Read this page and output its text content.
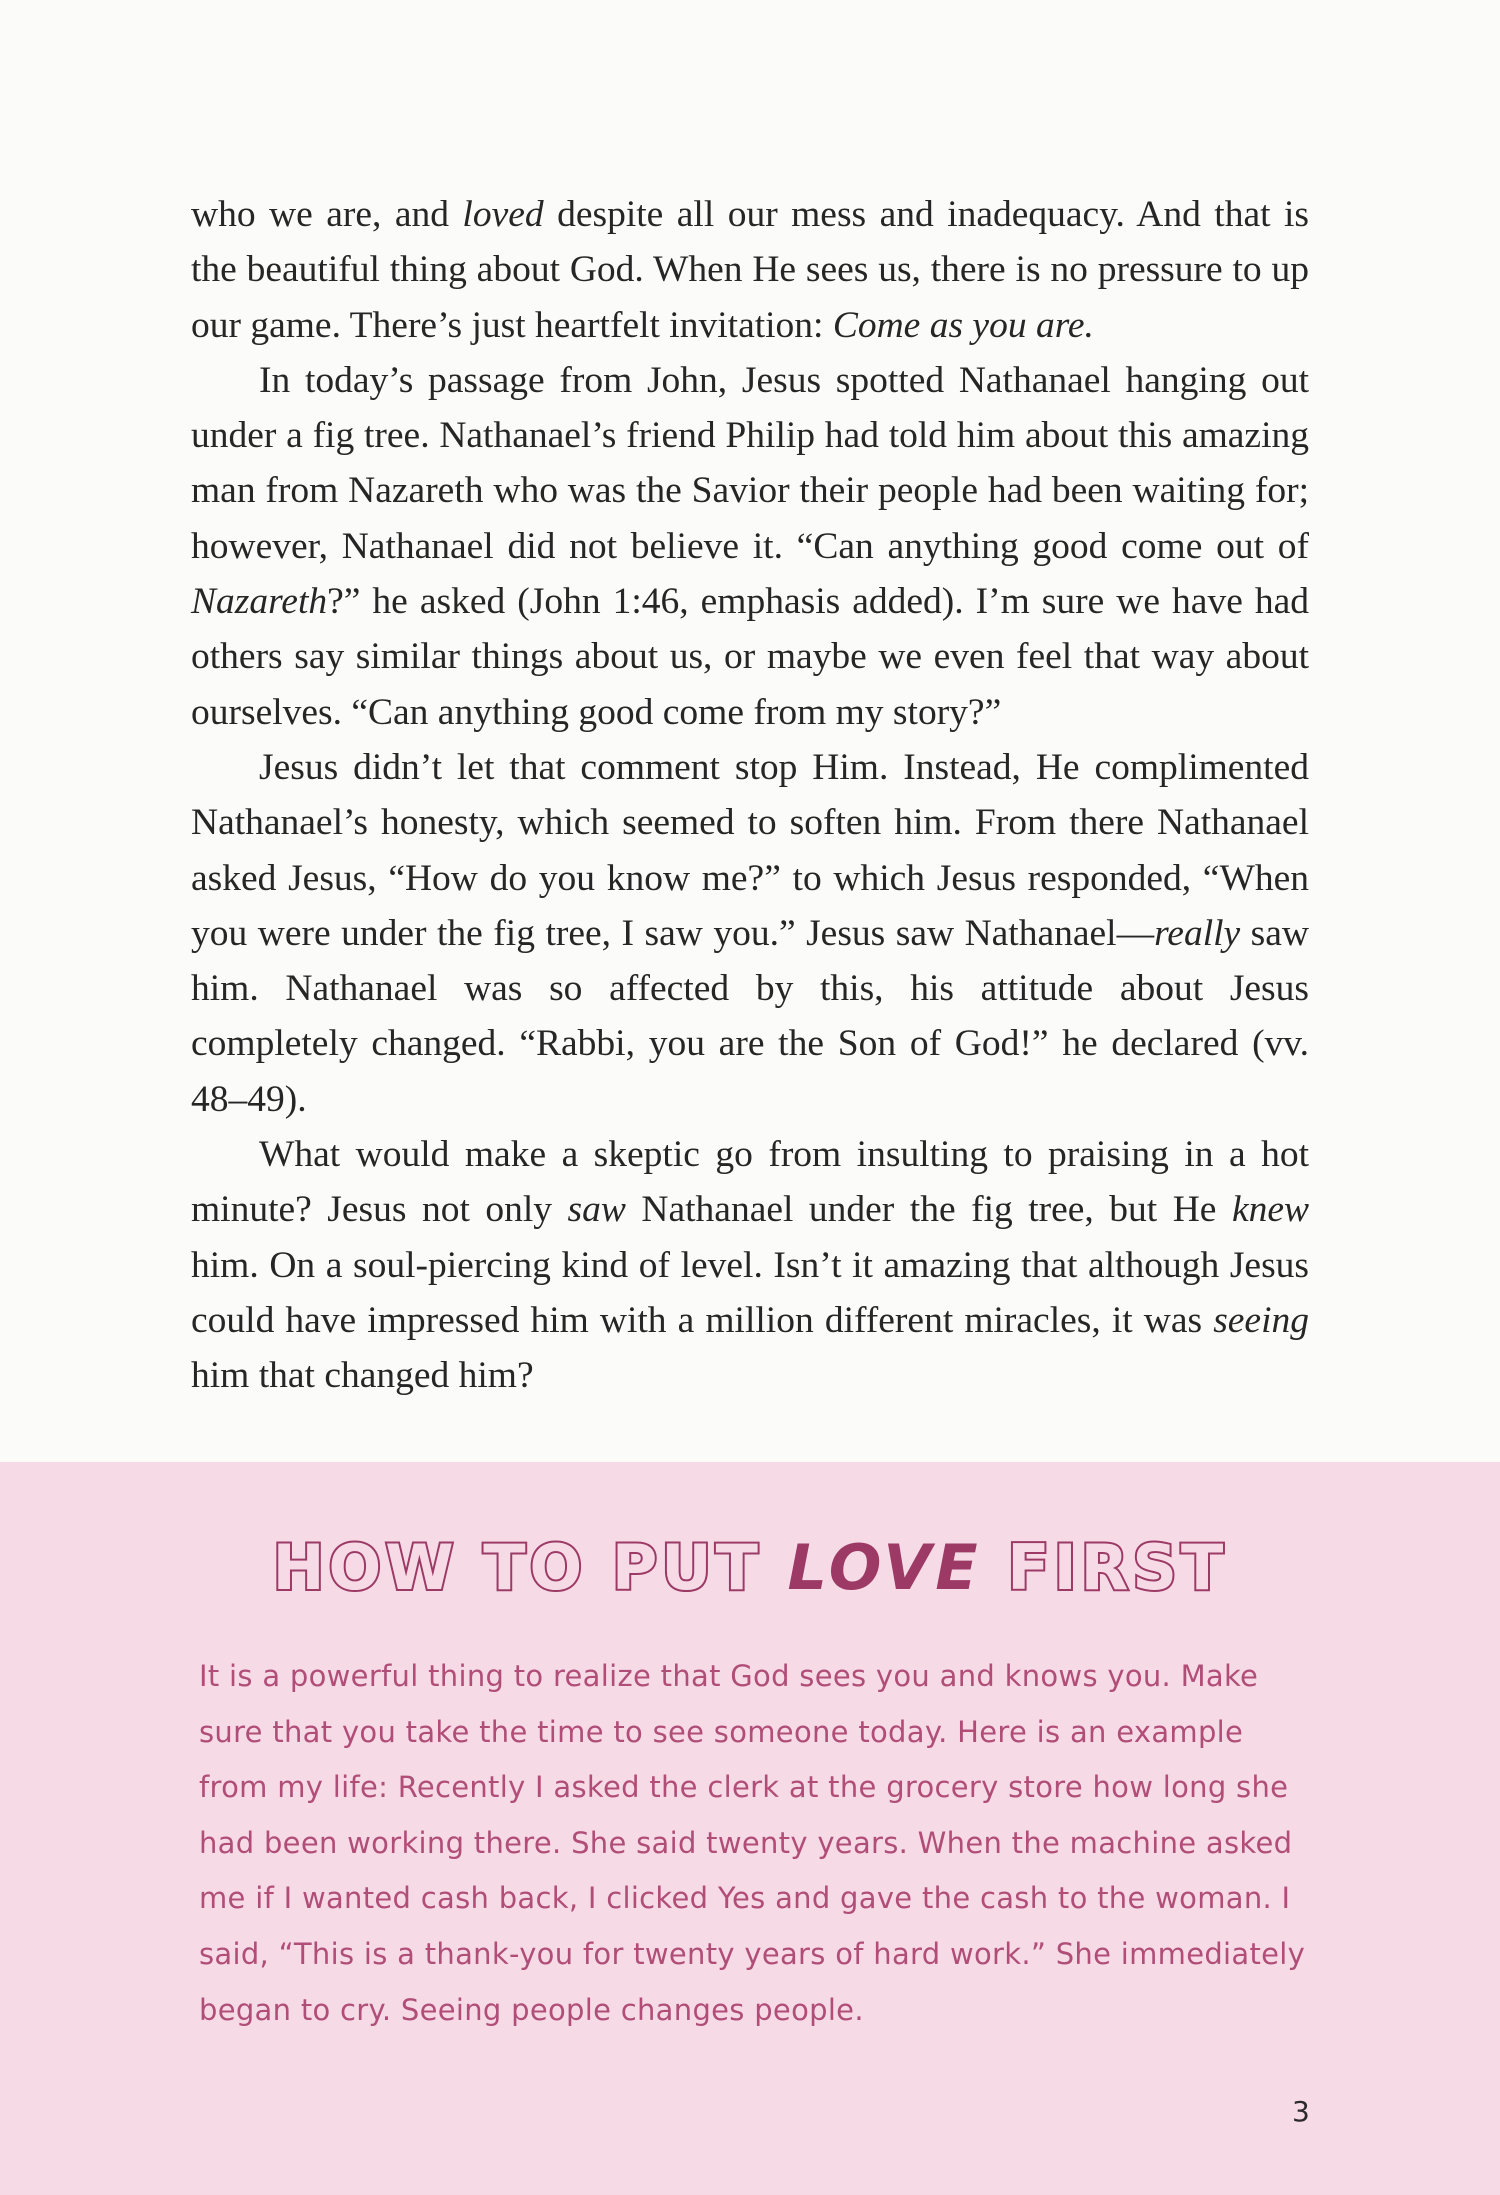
who we are, and loved despite all our mess and inadequacy. And that is the beautiful thing about God. When He sees us, there is no pressure to up our game. There’s just heartfelt invitation: Come as you are.

In today’s passage from John, Jesus spotted Nathanael hanging out under a fig tree. Nathanael’s friend Philip had told him about this amazing man from Nazareth who was the Savior their people had been waiting for; however, Nathanael did not believe it. “Can anything good come out of Nazareth?” he asked (John 1:46, emphasis added). I’m sure we have had others say similar things about us, or maybe we even feel that way about ourselves. “Can anything good come from my story?”

Jesus didn’t let that comment stop Him. Instead, He complimented Nathanael’s honesty, which seemed to soften him. From there Nathanael asked Jesus, “How do you know me?” to which Jesus responded, “When you were under the fig tree, I saw you.” Jesus saw Nathanael—really saw him. Nathanael was so affected by this, his attitude about Jesus completely changed. “Rabbi, you are the Son of God!” he declared (vv. 48–49).

What would make a skeptic go from insulting to praising in a hot minute? Jesus not only saw Nathanael under the fig tree, but He knew him. On a soul-piercing kind of level. Isn’t it amazing that although Jesus could have impressed him with a million different miracles, it was seeing him that changed him?

HOW TO PUT LOVE FIRST

It is a powerful thing to realize that God sees you and knows you. Make sure that you take the time to see someone today. Here is an example from my life: Recently I asked the clerk at the grocery store how long she had been working there. She said twenty years. When the machine asked me if I wanted cash back, I clicked Yes and gave the cash to the woman. I said, “This is a thank-you for twenty years of hard work.” She immediately began to cry. Seeing people changes people.

3
